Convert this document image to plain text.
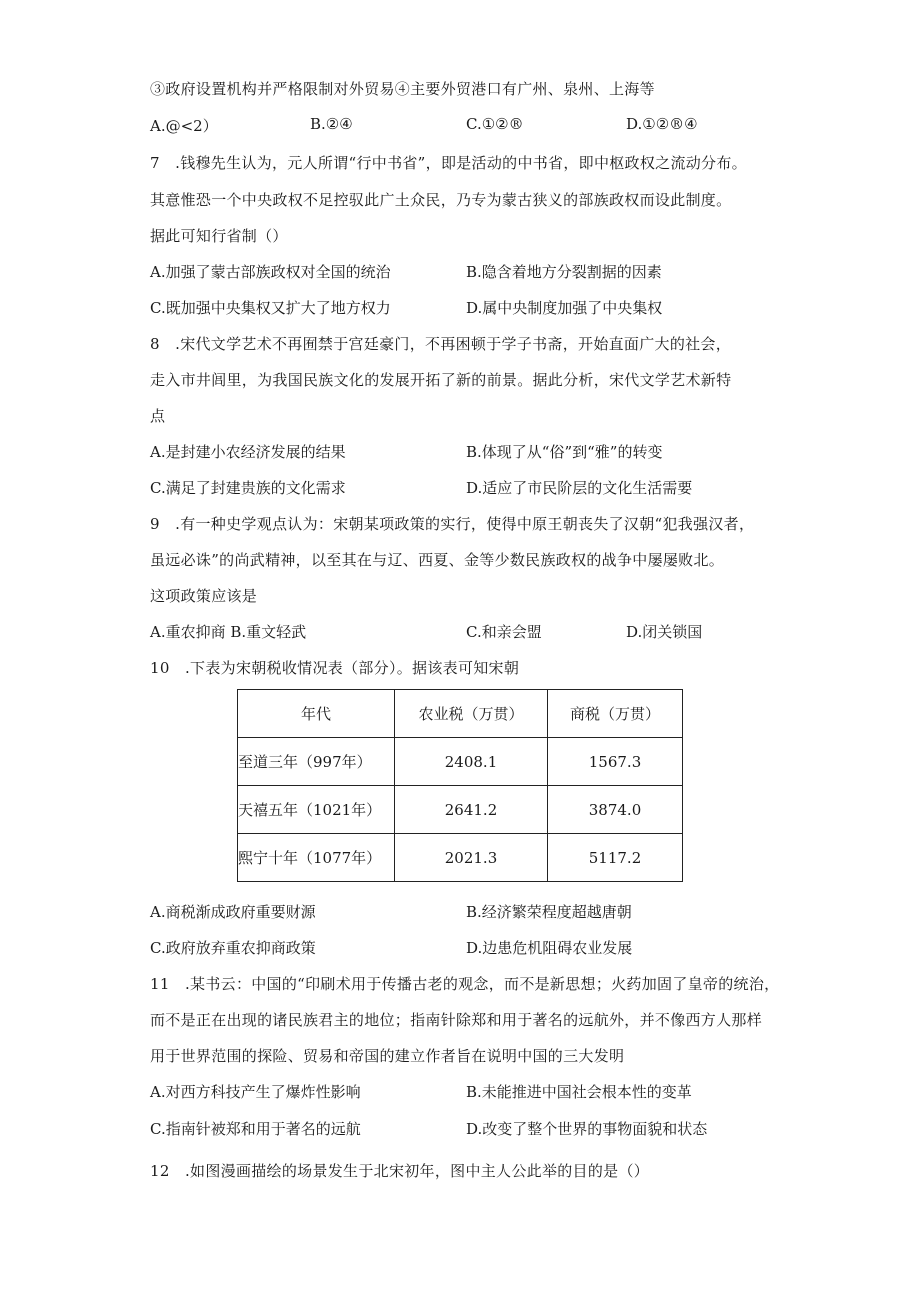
③政府设置机构并严格限制对外贸易④主要外贸港口有广州、泉州、上海等
A.@<2）	B.②④	C.①②®	D.①②®④
7　.钱穆先生认为，元人所谓“行中书省”，即是活动的中书省，即中枢政权之流动分布。
其意惟恐一个中央政权不足控驭此广土众民，乃专为蒙古狭义的部族政权而设此制度。
据此可知行省制（）
A.加强了蒙古部族政权对全国的统治	B.隐含着地方分裂割据的因素
C.既加强中央集权又扩大了地方权力	D.属中央制度加强了中央集权
8　.宋代文学艺术不再囿禁于宫廷豪门，不再困顿于学子书斋，开始直面广大的社会，
走入市井闾里，为我国民族文化的发展开拓了新的前景。据此分析，宋代文学艺术新特
点
A.是封建小农经济发展的结果	B.体现了从“俗”到“雅”的转变
C.满足了封建贵族的文化需求	D.适应了市民阶层的文化生活需要
9　.有一种史学观点认为：宋朝某项政策的实行，使得中原王朝丧失了汉朝“犯我强汉者，
虽远必诛”的尚武精神，以至其在与辽、西夏、金等少数民族政权的战争中屡屡败北。
这项政策应该是
A.重农抑商 B.重文轻武	C.和亲会盟	D.闭关锁国
10　.下表为宋朝税收情况表（部分）。据该表可知宋朝
年代	农业税（万贯）	商税（万贯）
至道三年（997年）	2408.1	1567.3
天禧五年（1021年）	2641.2	3874.0
熙宁十年（1077年）	2021.3	5117.2
A.商税渐成政府重要财源	B.经济繁荣程度超越唐朝
C.政府放弃重农抑商政策	D.边患危机阻碍农业发展
11　.某书云：中国的“印刷术用于传播古老的观念，而不是新思想；火药加固了皇帝的统治，
而不是正在出现的诸民族君主的地位；指南针除郑和用于著名的远航外，并不像西方人那样
用于世界范围的探险、贸易和帝国的建立作者旨在说明中国的三大发明
A.对西方科技产生了爆炸性影响	B.未能推进中国社会根本性的变革
C.指南针被郑和用于著名的远航	D.改变了整个世界的事物面貌和状态
12　.如图漫画描绘的场景发生于北宋初年，图中主人公此举的目的是（）
